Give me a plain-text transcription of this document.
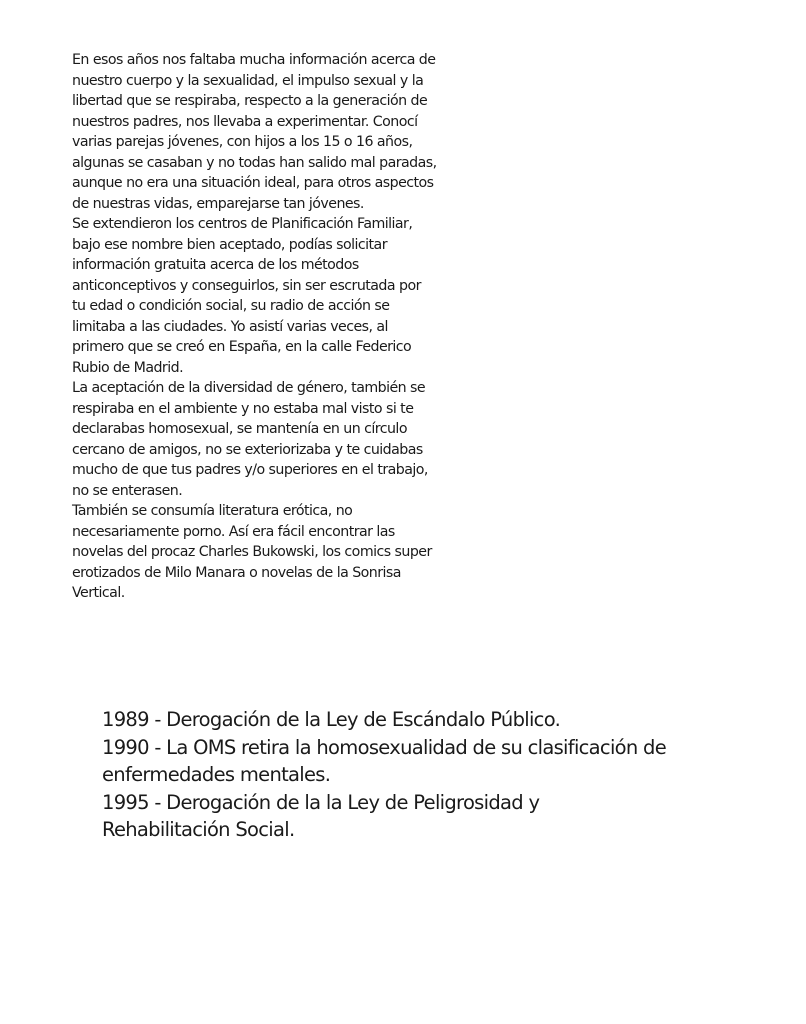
En esos años nos faltaba mucha información acerca de
nuestro cuerpo y la sexualidad, el impulso sexual y la
libertad que se respiraba, respecto a la generación de
nuestros padres, nos llevaba a experimentar. Conocí
varias parejas jóvenes, con hijos a los 15 o 16 años,
algunas se casaban y no todas han salido mal paradas,
aunque no era una situación ideal, para otros aspectos
de nuestras vidas, emparejarse tan jóvenes.
Se extendieron los centros de Planificación Familiar,
bajo ese nombre bien aceptado, podías solicitar
información gratuita acerca de los métodos
anticonceptivos y conseguirlos, sin ser escrutada por
tu edad o condición social, su radio de acción se
limitaba a las ciudades. Yo asistí varias veces, al
primero que se creó en España, en la calle Federico
Rubio de Madrid.
La aceptación de la diversidad de género, también se
respiraba en el ambiente y no estaba mal visto si te
declarabas homosexual, se mantenía en un círculo
cercano de amigos, no se exteriorizaba y te cuidabas
mucho de que tus padres y/o superiores en el trabajo,
no se enterasen.
También se consumía literatura erótica, no
necesariamente porno. Así era fácil encontrar las
novelas del procaz Charles Bukowski, los comics super
erotizados de Milo Manara o novelas de la Sonrisa
Vertical.
1989 - Derogación de la Ley de Escándalo Público.
1990 - La OMS retira la homosexualidad de su clasificación de
enfermedades mentales.
1995 - Derogación de la la Ley de Peligrosidad y
Rehabilitación Social.
